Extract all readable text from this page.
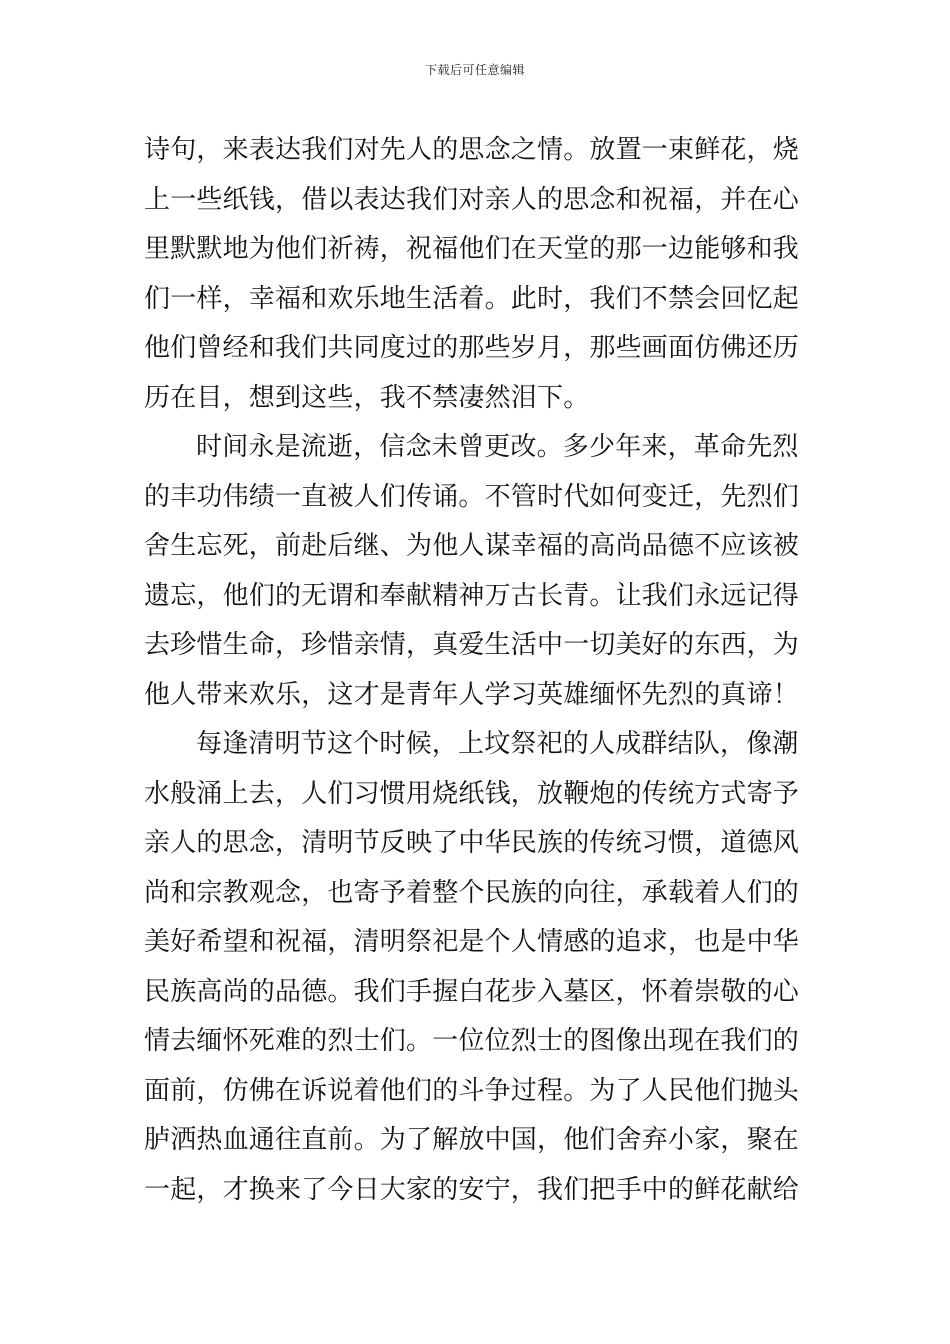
下载后可任意编辑
诗句，来表达我们对先人的思念之情。放置一束鲜花，烧
上一些纸钱，借以表达我们对亲人的思念和祝福，并在心
里默默地为他们祈祷，祝福他们在天堂的那一边能够和我
们一样，幸福和欢乐地生活着。此时，我们不禁会回忆起
他们曾经和我们共同度过的那些岁月，那些画面仿佛还历
历在目，想到这些，我不禁凄然泪下。
时间永是流逝，信念未曾更改。多少年来，革命先烈
的丰功伟绩一直被人们传诵。不管时代如何变迁，先烈们
舍生忘死，前赴后继、为他人谋幸福的高尚品德不应该被
遗忘，他们的无谓和奉献精神万古长青。让我们永远记得
去珍惜生命，珍惜亲情，真爱生活中一切美好的东西，为
他人带来欢乐，这才是青年人学习英雄缅怀先烈的真谛！
每逢清明节这个时候，上坟祭祀的人成群结队，像潮
水般涌上去，人们习惯用烧纸钱，放鞭炮的传统方式寄予
亲人的思念，清明节反映了中华民族的传统习惯，道德风
尚和宗教观念，也寄予着整个民族的向往，承载着人们的
美好希望和祝福，清明祭祀是个人情感的追求，也是中华
民族高尚的品德。我们手握白花步入墓区，怀着崇敬的心
情去缅怀死难的烈士们。一位位烈士的图像出现在我们的
面前，仿佛在诉说着他们的斗争过程。为了人民他们抛头
胪洒热血通往直前。为了解放中国，他们舍弃小家，聚在
一起，才换来了今日大家的安宁，我们把手中的鲜花献给
